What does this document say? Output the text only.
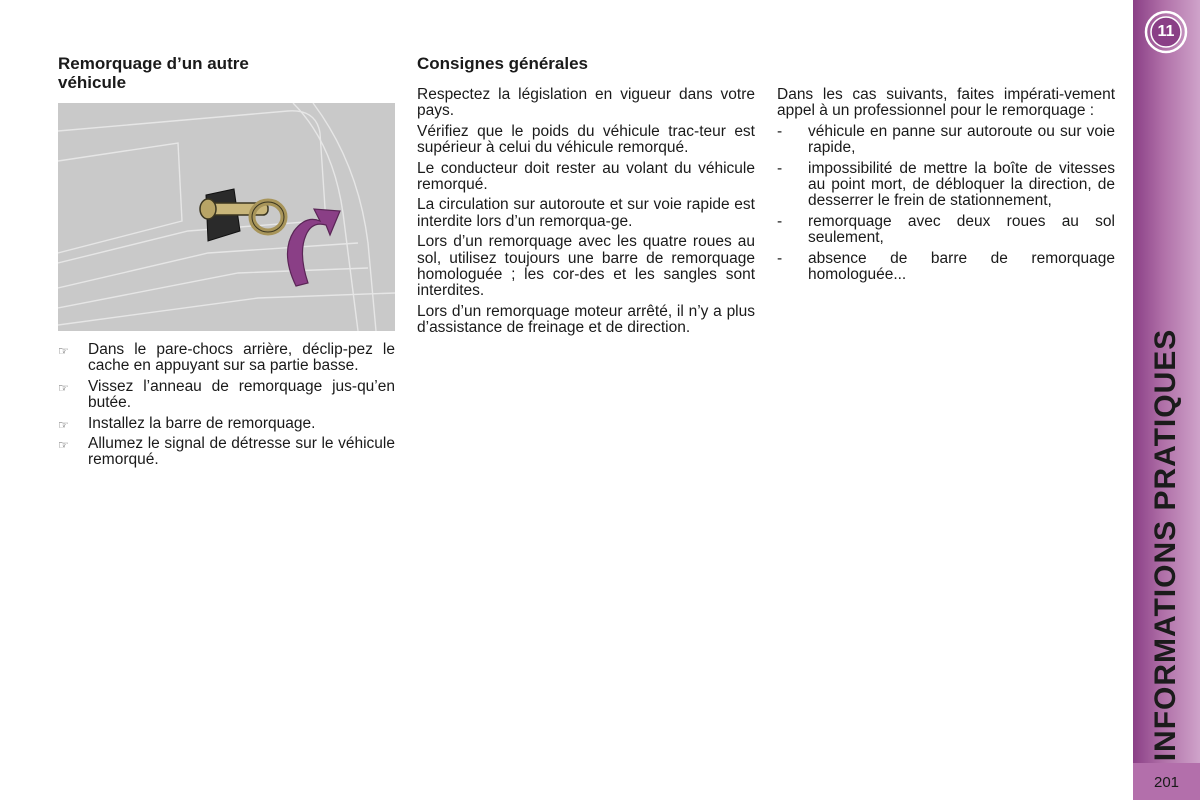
Remorquage d’un autre
véhicule
☞ Dans le pare-chocs arrière, déclip-pez le cache en appuyant sur sa partie basse.
☞ Vissez l’anneau de remorquage jus-qu’en butée.
☞ Installez la barre de remorquage.
☞ Allumez le signal de détresse sur le véhicule remorqué.
Consignes générales

Respectez la législation en vigueur dans votre pays.

Vérifiez que le poids du véhicule trac-teur est supérieur à celui du véhicule remorqué.

Le conducteur doit rester au volant du véhicule remorqué.

La circulation sur autoroute et sur voie rapide est interdite lors d’un remorqua-ge.

Lors d’un remorquage avec les quatre roues au sol, utilisez toujours une barre de remorquage homologuée ; les cor-des et les sangles sont interdites.

Lors d’un remorquage moteur arrêté, il n’y a plus d’assistance de freinage et de direction.

Dans les cas suivants, faites impérati-vement appel à un professionnel pour le remorquage :

- véhicule en panne sur autoroute ou sur voie rapide,
- impossibilité de mettre la boîte de vitesses au point mort, de débloquer la direction, de desserrer le frein de stationnement,
- remorquage avec deux roues au sol seulement,
- absence de barre de remorquage homologuée...
11
INFORMATIONS PRATIQUES
201
